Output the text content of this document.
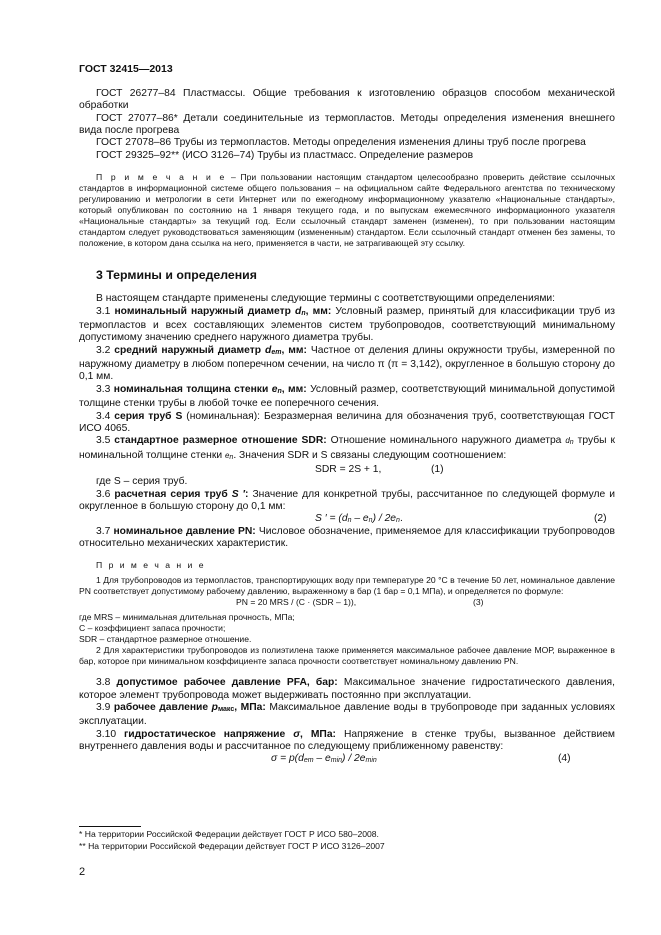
ГОСТ 32415—2013

ГОСТ 26277–84 Пластмассы. Общие требования к изготовлению образцов способом механической обработки

ГОСТ 27077–86* Детали соединительные из термопластов. Методы определения изменения внешнего вида после прогрева

ГОСТ 27078–86 Трубы из термопластов. Методы определения изменения длины труб после прогрева

ГОСТ 29325–92** (ИСО 3126–74) Трубы из пластмасс. Определение размеров

П р и м е ч а н и е – При пользовании настоящим стандартом целесообразно проверить действие ссылочных стандартов в информационной системе общего пользования – на официальном сайте Федерального агентства по техническому регулированию и метрологии в сети Интернет или по ежегодному информационному указателю «Национальные стандарты», который опубликован по состоянию на 1 января текущего года, и по выпускам ежемесячного информационного указателя «Национальные стандарты» за текущий год. Если ссылочный стандарт заменен (изменен), то при пользовании настоящим стандартом следует руководствоваться заменяющим (измененным) стандартом. Если ссылочный стандарт отменен без замены, то положение, в котором дана ссылка на него, применяется в части, не затрагивающей эту ссылку.

3 Термины и определения

В настоящем стандарте применены следующие термины с соответствующими определениями:

3.1 номинальный наружный диаметр $d_n$, мм: Условный размер, принятый для классификации труб из термопластов и всех составляющих элементов систем трубопроводов, соответствующий минимальному допустимому значению среднего наружного диаметра трубы.

3.2 средний наружный диаметр $d_{em}$, мм: Частное от деления длины окружности трубы, измеренной по наружному диаметру в любом поперечном сечении, на число π (π = 3,142), округленное в большую сторону до 0,1 мм.

3.3 номинальная толщина стенки $e_n$, мм: Условный размер, соответствующий минимальной допустимой толщине стенки трубы в любой точке ее поперечного сечения.

3.4 серия труб S (номинальная): Безразмерная величина для обозначения труб, соответствующая ГОСТ ИСО 4065.

3.5 стандартное размерное отношение SDR: Отношение номинального наружного диаметра $d_n$ трубы к номинальной толщине стенки $e_n$. Значения SDR и S связаны следующим соотношением:

SDR = 2S + 1,	(1)

где S – серия труб.

3.6 расчетная серия труб S ′: Значение для конкретной трубы, рассчитанное по следующей формуле и округленное в большую сторону до 0,1 мм:

S ′ = $(d_n - e_n) / 2e_n$ .	(2)

3.7 номинальное давление PN: Числовое обозначение, применяемое для классификации трубопроводов относительно механических характеристик.

П р и м е ч а н и е

1 Для трубопроводов из термопластов, транспортирующих воду при температуре 20 °С в течение 50 лет, номинальное давление PN соответствует допустимому рабочему давлению, выраженному в бар (1 бар = 0,1 МПа), и определяется по формуле:

PN = 20 MRS / (C · (SDR – 1)),	(3)

где MRS – минимальная длительная прочность, МПа;

С – коэффициент запаса прочности;

SDR – стандартное размерное отношение.

2 Для характеристики трубопроводов из полиэтилена также применяется максимальное рабочее давление МОР, выраженное в бар, которое при минимальном коэффициенте запаса прочности соответствует номинальному давлению PN.

3.8 допустимое рабочее давление PFA, бар: Максимальное значение гидростатического давления, которое элемент трубопровода может выдерживать постоянно при эксплуатации.

3.9 рабочее давление $p_{макс}$, МПа: Максимальное давление воды в трубопроводе при заданных условиях эксплуатации.

3.10 гидростатическое напряжение σ, МПа: Напряжение в стенке трубы, вызванное действием внутреннего давления воды и рассчитанное по следующему приближенному равенству:

$\sigma = p(d_{em} - e_{min}) / 2e_{min}$	(4)
* На территории Российской Федерации действует ГОСТ Р ИСО 580–2008.
** На территории Российской Федерации действует ГОСТ Р ИСО 3126–2007
2
